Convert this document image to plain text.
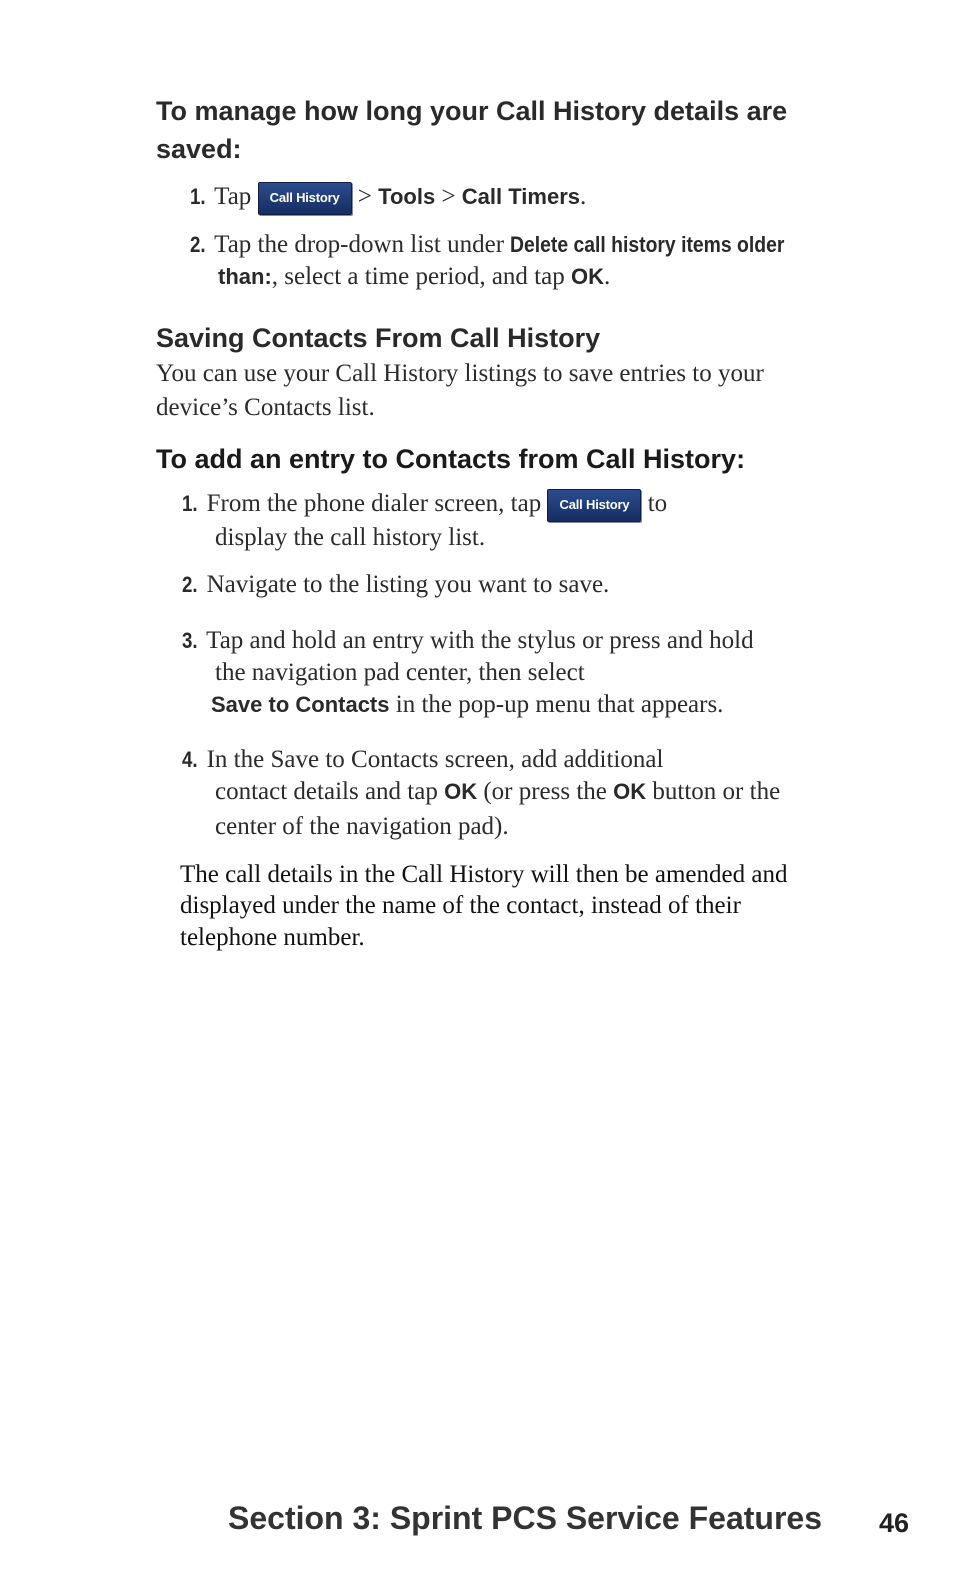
To manage how long your Call History details are
saved:
1. Tap Call History > Tools > Call Timers.
2. Tap the drop-down list under Delete call history items older
than:, select a time period, and tap OK.
Saving Contacts From Call History
You can use your Call History listings to save entries to your
device’s Contacts list.
To add an entry to Contacts from Call History:
1. From the phone dialer screen, tap Call History to
display the call history list.
2. Navigate to the listing you want to save.
3. Tap and hold an entry with the stylus or press and hold
the navigation pad center, then select
Save to Contacts in the pop-up menu that appears.
4. In the Save to Contacts screen, add additional
contact details and tap OK (or press the OK button or the
center of the navigation pad).
The call details in the Call History will then be amended and
displayed under the name of the contact, instead of their
telephone number.
Section 3: Sprint PCS Service Features 46
